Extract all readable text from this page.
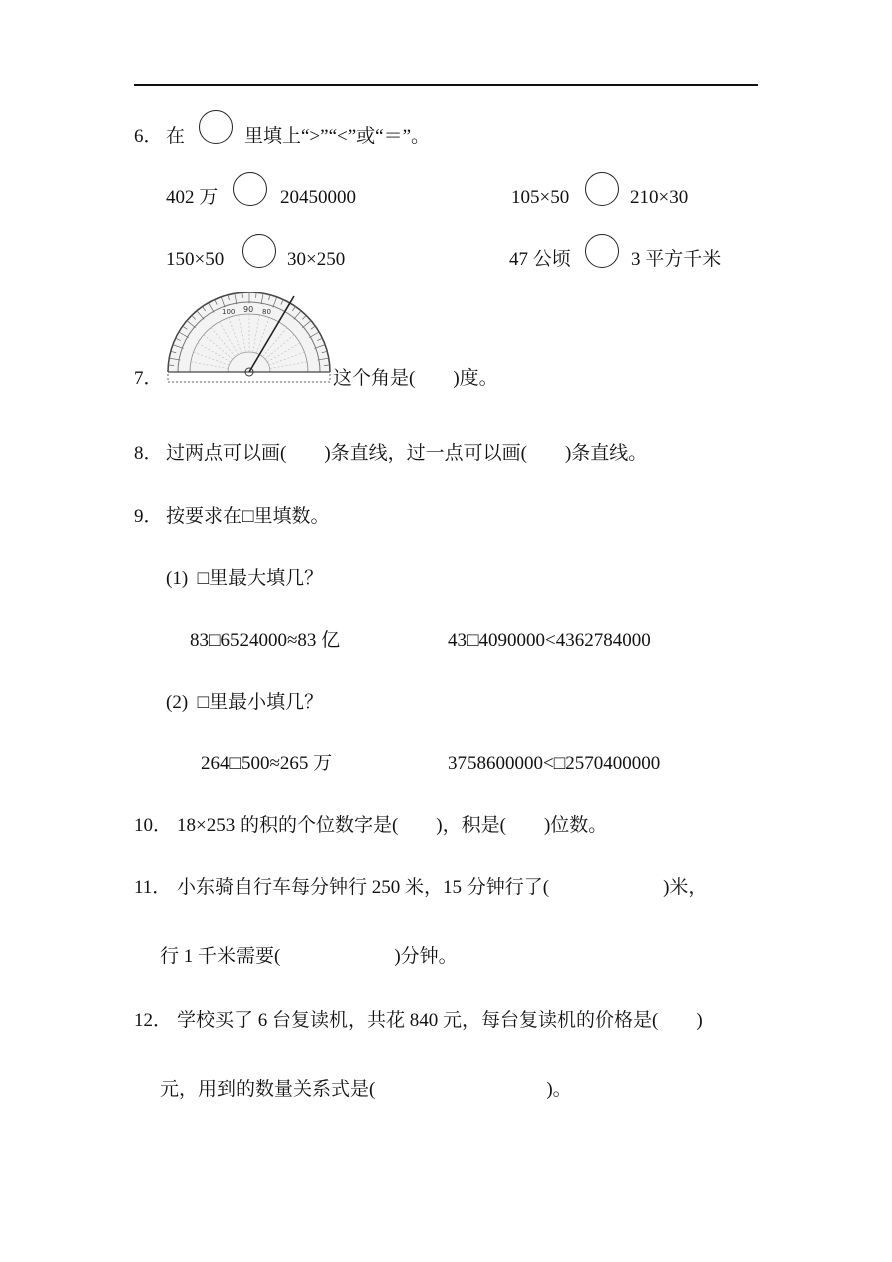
6． 在	里填上“>”“<”或“＝”。
402 万	20450000	105×50	210×30
150×50	30×250	47 公顷	3 平方千米
7．
90 80
100
这个角是(　　)度。
8． 过两点可以画(　　)条直线，过一点可以画(　　)条直线。
9． 按要求在□里填数。
(1)  □里最大填几？
83□6524000≈83 亿	43□4090000<4362784000
(2)  □里最小填几？
264□500≈265 万	3758600000<□2570400000
10． 18×253 的积的个位数字是(　　)，积是(　　)位数。
11． 小东骑自行车每分钟行 250 米，15 分钟行了(　　　　　　)米，
行 1 千米需要(　　　　　　)分钟。
12． 学校买了 6 台复读机，共花 840 元，每台复读机的价格是(　　)
元，用到的数量关系式是(　　　　　　　　　)。
